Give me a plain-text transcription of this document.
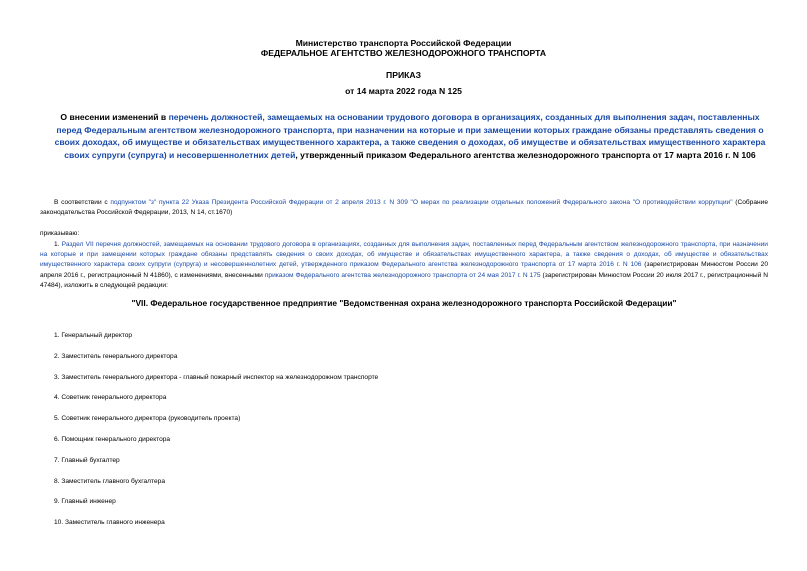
Министерство транспорта Российской Федерации
ФЕДЕРАЛЬНОЕ АГЕНТСТВО ЖЕЛЕЗНОДОРОЖНОГО ТРАНСПОРТА
ПРИКАЗ
от 14 марта 2022 года N 125
О внесении изменений в перечень должностей, замещаемых на основании трудового договора в организациях, созданных для выполнения задач, поставленных перед Федеральным агентством железнодорожного транспорта, при назначении на которые и при замещении которых граждане обязаны представлять сведения о своих доходах, об имуществе и обязательствах имущественного характера, а также сведения о доходах, об имуществе и обязательствах имущественного характера своих супруги (супруга) и несовершеннолетних детей, утвержденный приказом Федерального агентства железнодорожного транспорта от 17 марта 2016 г. N 106
В соответствии с подпунктом "з" пункта 22 Указа Президента Российской Федерации от 2 апреля 2013 г. N 309 "О мерах по реализации отдельных положений Федерального закона "О противодействии коррупции" (Собрание законодательства Российской Федерации, 2013, N 14, ст.1670)
приказываю:
1. Раздел VII перечня должностей, замещаемых на основании трудового договора в организациях, созданных для выполнения задач, поставленных перед Федеральным агентством железнодорожного транспорта, при назначении на которые и при замещении которых граждане обязаны представлять сведения о своих доходах, об имуществе и обязательствах имущественного характера, а также сведения о доходах, об имуществе и обязательствах имущественного характера своих супруги (супруга) и несовершеннолетних детей, утвержденного приказом Федерального агентства железнодорожного транспорта от 17 марта 2016 г. N 106 (зарегистрирован Минюстом России 20 апреля 2016 г., регистрационный N 41860), с изменениями, внесенными приказом Федерального агентства железнодорожного транспорта от 24 мая 2017 г. N 175 (зарегистрирован Минюстом России 20 июля 2017 г., регистрационный N 47484), изложить в следующей редакции:
"VII. Федеральное государственное предприятие "Ведомственная охрана железнодорожного транспорта Российской Федерации"
1. Генеральный директор
2. Заместитель генерального директора
3. Заместитель генерального директора - главный пожарный инспектор на железнодорожном транспорте
4. Советник генерального директора
5. Советник генерального директора (руководитель проекта)
6. Помощник генерального директора
7. Главный бухгалтер
8. Заместитель главного бухгалтера
9. Главный инженер
10. Заместитель главного инженера
